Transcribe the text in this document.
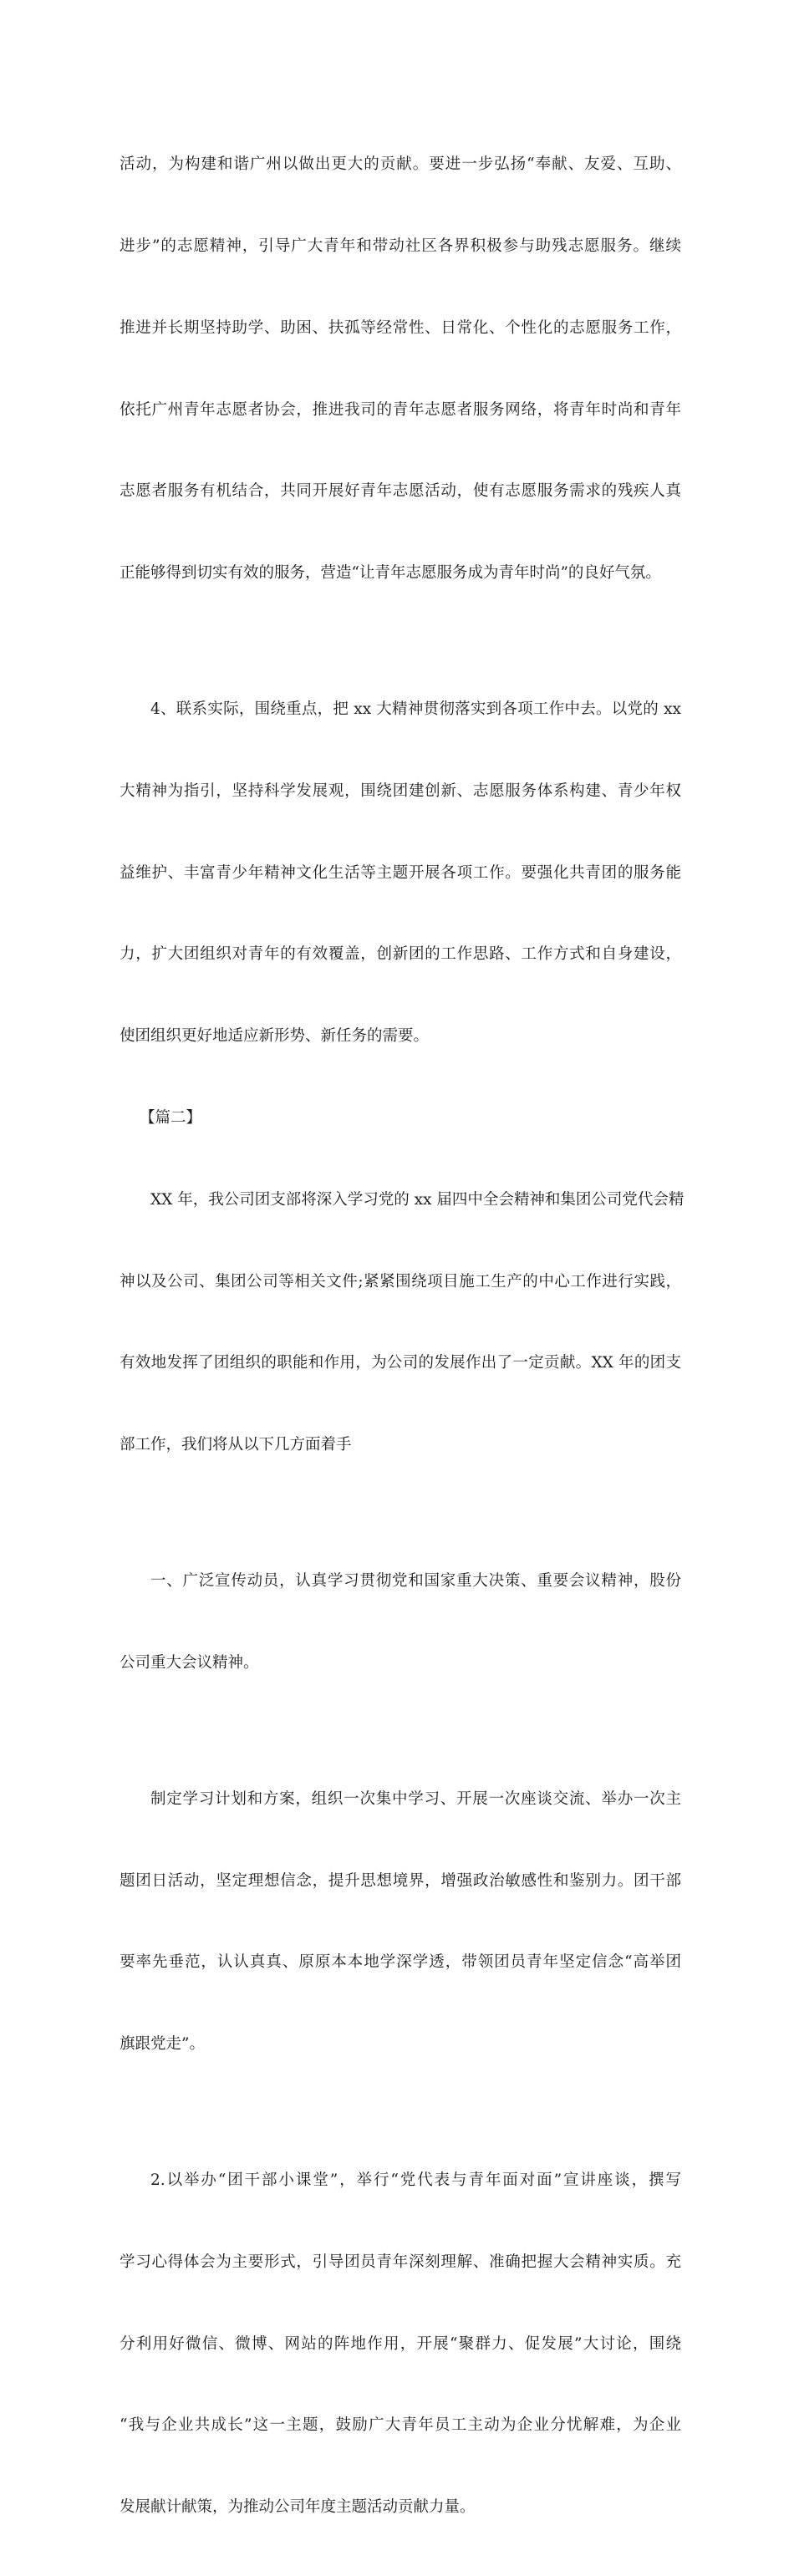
活动，为构建和谐广州以做出更大的贡献。要进一步弘扬“奉献、友爱、互助、

进步”的志愿精神，引导广大青年和带动社区各界积极参与助残志愿服务。继续

推进并长期坚持助学、助困、扶孤等经常性、日常化、个性化的志愿服务工作，

依托广州青年志愿者协会，推进我司的青年志愿者服务网络，将青年时尚和青年

志愿者服务有机结合，共同开展好青年志愿活动，使有志愿服务需求的残疾人真

正能够得到切实有效的服务，营造“让青年志愿服务成为青年时尚”的良好气氛。

4、联系实际，围绕重点，把 xx 大精神贯彻落实到各项工作中去。以党的 xx

大精神为指引，坚持科学发展观，围绕团建创新、志愿服务体系构建、青少年权

益维护、丰富青少年精神文化生活等主题开展各项工作。要强化共青团的服务能

力，扩大团组织对青年的有效覆盖，创新团的工作思路、工作方式和自身建设，

使团组织更好地适应新形势、新任务的需要。

【篇二】

XX 年，我公司团支部将深入学习党的 xx 届四中全会精神和集团公司党代会精

神以及公司、集团公司等相关文件;紧紧围绕项目施工生产的中心工作进行实践，

有效地发挥了团组织的职能和作用，为公司的发展作出了一定贡献。XX 年的团支

部工作，我们将从以下几方面着手

一、广泛宣传动员，认真学习贯彻党和国家重大决策、重要会议精神，股份

公司重大会议精神。

制定学习计划和方案，组织一次集中学习、开展一次座谈交流、举办一次主

题团日活动，坚定理想信念，提升思想境界，增强政治敏感性和鉴别力。团干部

要率先垂范，认认真真、原原本本地学深学透，带领团员青年坚定信念“高举团

旗跟党走”。

2.以举办“团干部小课堂”，举行“党代表与青年面对面”宣讲座谈，撰写

学习心得体会为主要形式，引导团员青年深刻理解、准确把握大会精神实质。充

分利用好微信、微博、网站的阵地作用，开展“聚群力、促发展”大讨论，围绕

“我与企业共成长”这一主题，鼓励广大青年员工主动为企业分忧解难，为企业

发展献计献策，为推动公司年度主题活动贡献力量。
